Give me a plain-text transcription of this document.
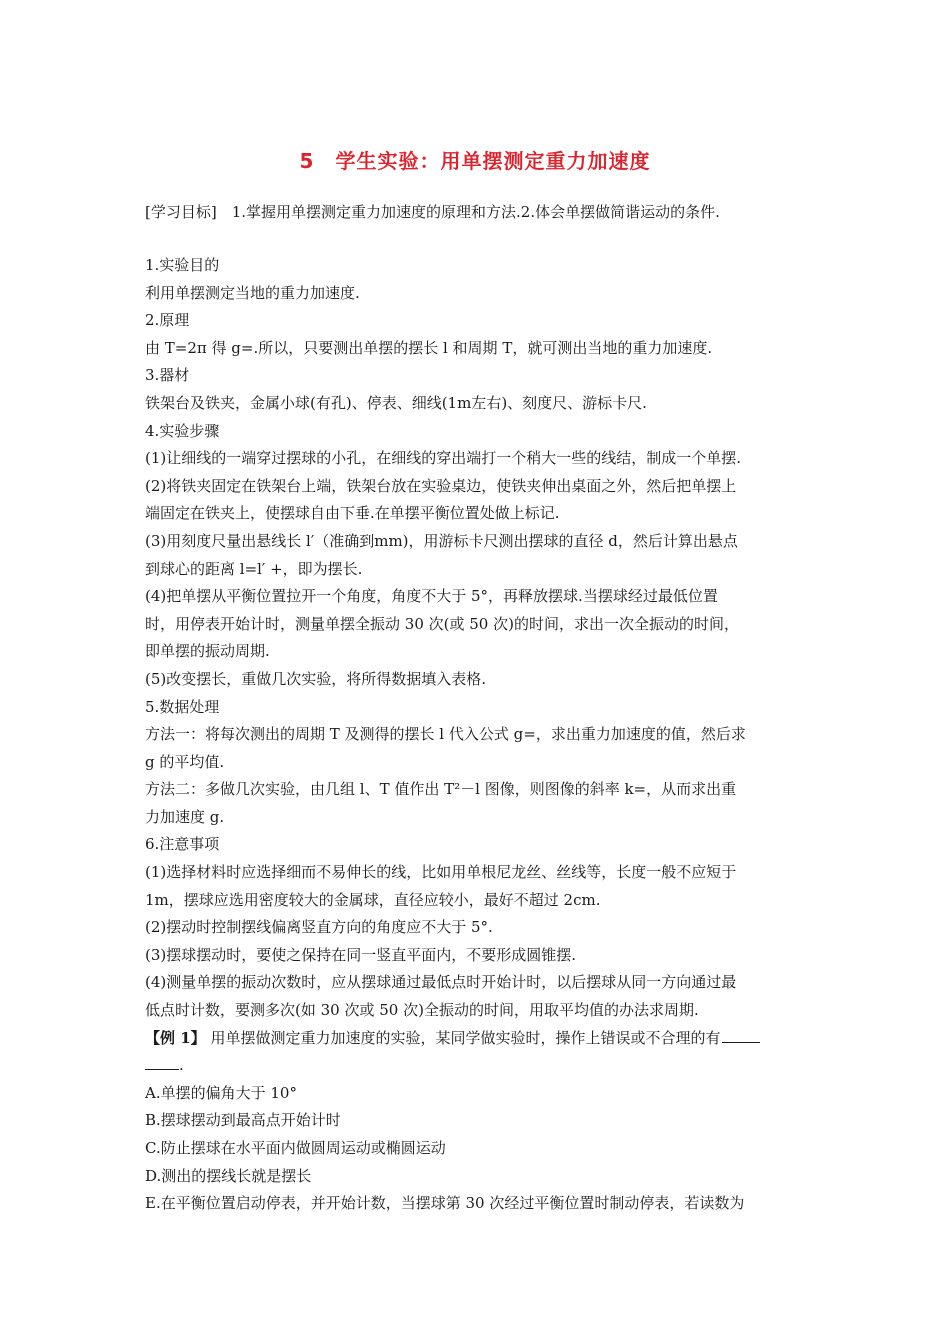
5　学生实验：用单摆测定重力加速度
[学习目标]　1.掌握用单摆测定重力加速度的原理和方法.2.体会单摆做简谐运动的条件.
1.实验目的
利用单摆测定当地的重力加速度.
2.原理
由 T=2π 得 g=.所以，只要测出单摆的摆长 l 和周期 T，就可测出当地的重力加速度.
3.器材
铁架台及铁夹，金属小球(有孔)、停表、细线(1m左右)、刻度尺、游标卡尺.
4.实验步骤
(1)让细线的一端穿过摆球的小孔，在细线的穿出端打一个稍大一些的线结，制成一个单摆.
(2)将铁夹固定在铁架台上端，铁架台放在实验桌边，使铁夹伸出桌面之外，然后把单摆上
端固定在铁夹上，使摆球自由下垂.在单摆平衡位置处做上标记.
(3)用刻度尺量出悬线长 l′（准确到mm)，用游标卡尺测出摆球的直径 d，然后计算出悬点
到球心的距离 l=l′ +，即为摆长.
(4)把单摆从平衡位置拉开一个角度，角度不大于 5°，再释放摆球.当摆球经过最低位置
时，用停表开始计时，测量单摆全振动 30 次(或 50 次)的时间，求出一次全振动的时间，
即单摆的振动周期.
(5)改变摆长，重做几次实验，将所得数据填入表格.
5.数据处理
方法一：将每次测出的周期 T 及测得的摆长 l 代入公式 g=，求出重力加速度的值，然后求
g 的平均值.
方法二：多做几次实验，由几组 l、T 值作出 T²－l 图像，则图像的斜率 k=，从而求出重
力加速度 g.
6.注意事项
(1)选择材料时应选择细而不易伸长的线，比如用单根尼龙丝、丝线等，长度一般不应短于
1m，摆球应选用密度较大的金属球，直径应较小，最好不超过 2cm.
(2)摆动时控制摆线偏离竖直方向的角度应不大于 5°.
(3)摆球摆动时，要使之保持在同一竖直平面内，不要形成圆锥摆.
(4)测量单摆的振动次数时，应从摆球通过最低点时开始计时，以后摆球从同一方向通过最
低点时计数，要测多次(如 30 次或 50 次)全振动的时间，用取平均值的办法求周期.
【例 1】 用单摆做测定重力加速度的实验，某同学做实验时，操作上错误或不合理的有
.
A.单摆的偏角大于 10°
B.摆球摆动到最高点开始计时
C.防止摆球在水平面内做圆周运动或椭圆运动
D.测出的摆线长就是摆长
E.在平衡位置启动停表，并开始计数，当摆球第 30 次经过平衡位置时制动停表，若读数为
